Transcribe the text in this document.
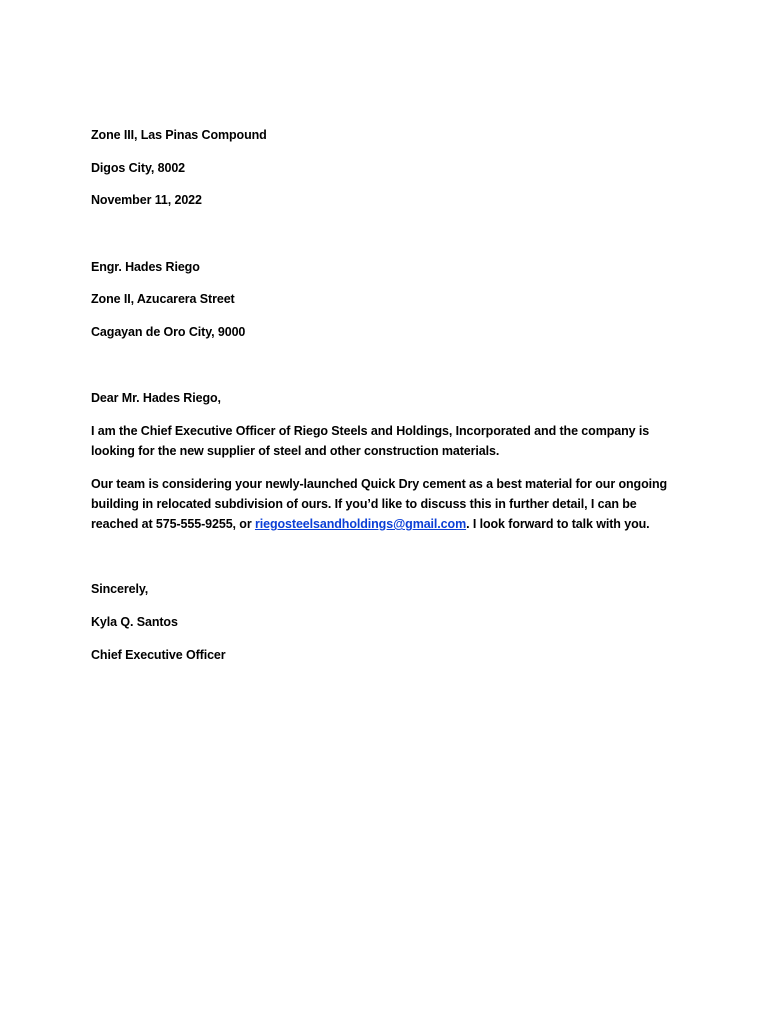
Zone III, Las Pinas Compound
Digos City, 8002
November 11, 2022
Engr. Hades Riego
Zone II, Azucarera Street
Cagayan de Oro City, 9000
Dear Mr. Hades Riego,
I am the Chief Executive Officer of Riego Steels and Holdings, Incorporated and the company is looking for the new supplier of steel and other construction materials.
Our team is considering your newly-launched Quick Dry cement as a best material for our ongoing building in relocated subdivision of ours. If you’d like to discuss this in further detail, I can be reached at 575-555-9255, or riegosteelsandholdings@gmail.com. I look forward to talk with you.
Sincerely,
Kyla Q. Santos
Chief Executive Officer
